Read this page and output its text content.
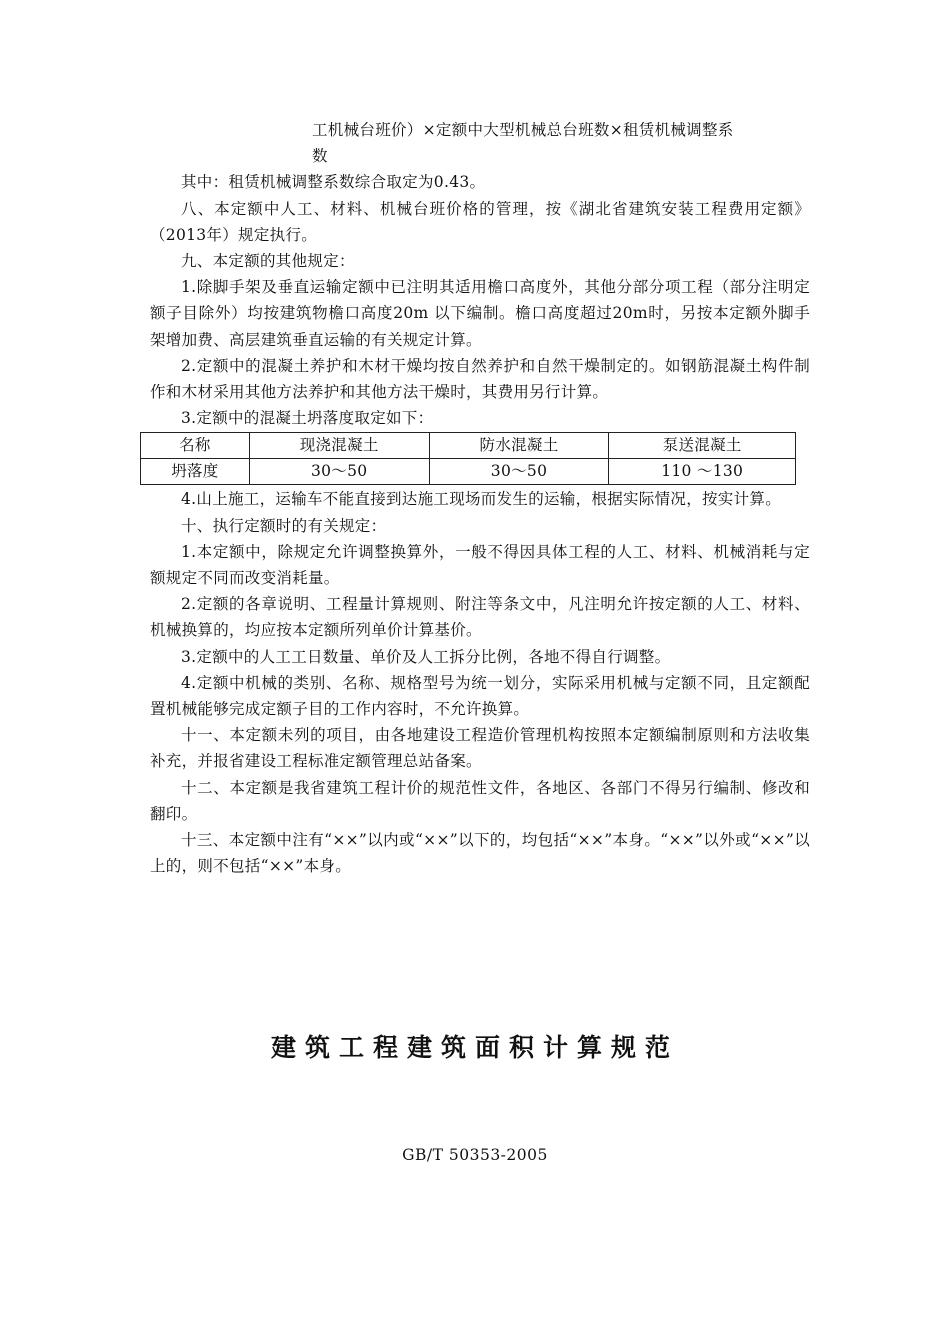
工机械台班价）×定额中大型机械总台班数×租赁机械调整系

数

其中：租赁机械调整系数综合取定为0.43。

八、本定额中人工、材料、机械台班价格的管理，按《湖北省建筑安装工程费用定额》（2013年）规定执行。

九、本定额的其他规定：

1.除脚手架及垂直运输定额中已注明其适用檐口高度外，其他分部分项工程（部分注明定额子目除外）均按建筑物檐口高度20m 以下编制。檐口高度超过20m时，另按本定额外脚手架增加费、高层建筑垂直运输的有关规定计算。

2.定额中的混凝土养护和木材干燥均按自然养护和自然干燥制定的。如钢筋混凝土构件制作和木材采用其他方法养护和其他方法干燥时，其费用另行计算。

3.定额中的混凝土坍落度取定如下：

名称	现浇混凝土	防水混凝土	泵送混凝土
坍落度	30～50	30～50	110 ～130

4.山上施工，运输车不能直接到达施工现场而发生的运输，根据实际情况，按实计算。

十、执行定额时的有关规定：

1.本定额中，除规定允许调整换算外，一般不得因具体工程的人工、材料、机械消耗与定额规定不同而改变消耗量。

2.定额的各章说明、工程量计算规则、附注等条文中，凡注明允许按定额的人工、材料、机械换算的，均应按本定额所列单价计算基价。

3.定额中的人工工日数量、单价及人工拆分比例，各地不得自行调整。

4.定额中机械的类别、名称、规格型号为统一划分，实际采用机械与定额不同，且定额配置机械能够完成定额子目的工作内容时，不允许换算。

十一、本定额未列的项目，由各地建设工程造价管理机构按照本定额编制原则和方法收集补充，并报省建设工程标准定额管理总站备案。

十二、本定额是我省建筑工程计价的规范性文件，各地区、各部门不得另行编制、修改和翻印。

十三、本定额中注有“××”以内或“××”以下的，均包括“××”本身。“××”以外或“××”以上的，则不包括“××”本身。

建筑工程建筑面积计算规范
GB/T 50353-2005
